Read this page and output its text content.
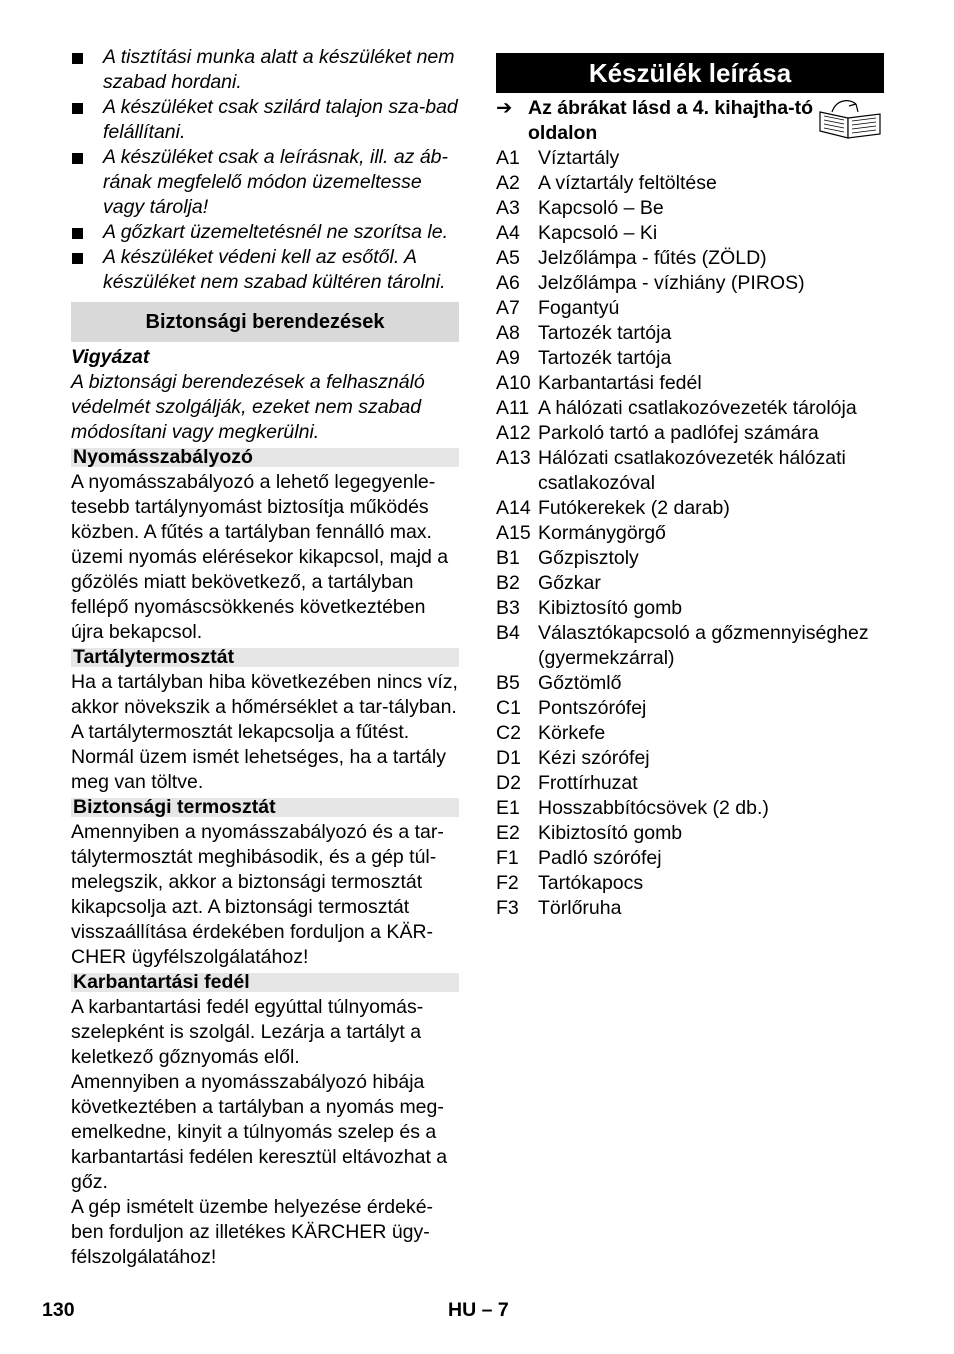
A tisztítási munka alatt a készüléket nem szabad hordani.
A készüléket csak szilárd talajon sza-bad felállítani.
A készüléket csak a leírásnak, ill. az áb-rának megfelelő módon üzemeltesse vagy tárolja!
A gőzkart üzemeltetésnél ne szorítsa le.
A készüléket védeni kell az esőtől. A készüléket nem szabad kültéren tárolni.
Biztonsági berendezések
Vigyázat

A biztonsági berendezések a felhasználó védelmét szolgálják, ezeket nem szabad módosítani vagy megkerülni.

Nyomásszabályozó

A nyomásszabályozó a lehető legegyenle-tesebb tartálynyomást biztosítja működés közben. A fűtés a tartályban fennálló max. üzemi nyomás elérésekor kikapcsol, majd a gőzölés miatt bekövetkező, a tartályban fellépő nyomáscsökkenés következtében újra bekapcsol.

Tartálytermosztát

Ha a tartályban hiba következében nincs víz, akkor növekszik a hőmérséklet a tar-tályban. A tartálytermosztát lekapcsolja a fűtést. Normál üzem ismét lehetséges, ha a tartály meg van töltve.

Biztonsági termosztát

Amennyiben a nyomásszabályozó és a tar-tálytermosztát meghibásodik, és a gép túl-melegszik, akkor a biztonsági termosztát kikapcsolja azt. A biztonsági termosztát visszaállítása érdekében forduljon a KÄR-CHER ügyfélszolgálatához!

Karbantartási fedél

A karbantartási fedél egyúttal túlnyomás-szelepként is szolgál. Lezárja a tartályt a keletkező gőznyomás elől.

Amennyiben a nyomásszabályozó hibája következtében a tartályban a nyomás meg-emelkedne, kinyit a túlnyomás szelep és a karbantartási fedélen keresztül eltávozhat a gőz.

A gép ismételt üzembe helyezése érdeké-ben forduljon az illetékes KÄRCHER ügy-félszolgálatához!

Készülék leírása
➔ Az ábrákat lásd a 4. kihajtha-tó oldalon
A1 Víztartály
A2 A víztartály feltöltése
A3 Kapcsoló – Be
A4 Kapcsoló – Ki
A5 Jelzőlámpa - fűtés (ZÖLD)
A6 Jelzőlámpa - vízhiány (PIROS)
A7 Fogantyú
A8 Tartozék tartója
A9 Tartozék tartója
A10 Karbantartási fedél
A11 A hálózati csatlakozóvezeték tárolója
A12 Parkoló tartó a padlófej számára
A13 Hálózati csatlakozóvezeték hálózati csatlakozóval
A14 Futókerekek (2 darab)
A15 Kormánygörgő
B1 Gőzpisztoly
B2 Gőzkar
B3 Kibiztosító gomb
B4 Választókapcsoló a gőzmennyiséghez (gyermekzárral)
B5 Gőztömlő
C1 Pontszórófej
C2 Körkefe
D1 Kézi szórófej
D2 Frottírhuzat
E1 Hosszabbítócsövek (2 db.)
E2 Kibiztosító gomb
F1 Padló szórófej
F2 Tartókapocs
F3 Törlőruha
130	HU – 7
